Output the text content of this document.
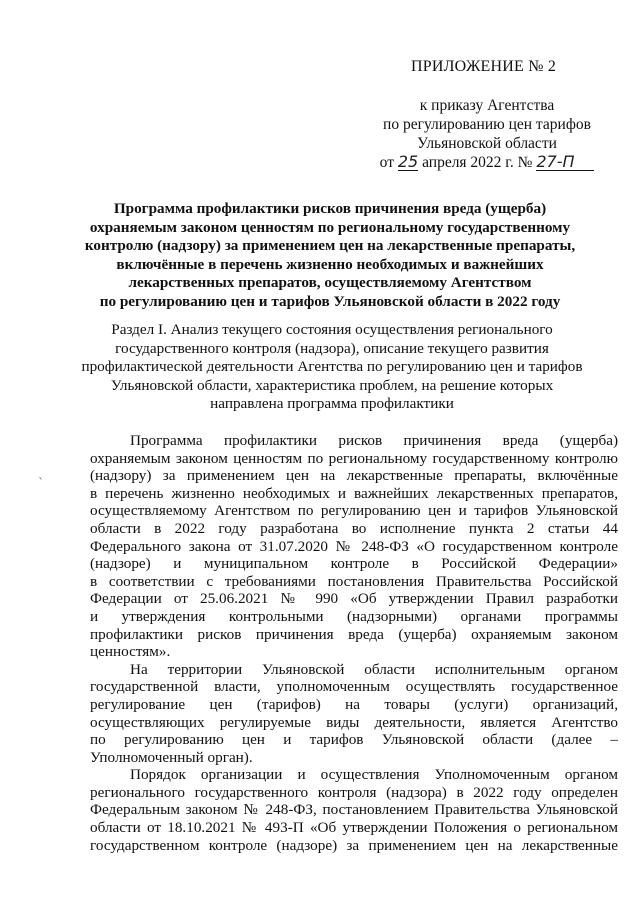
ПРИЛОЖЕНИЕ № 2
к приказу Агентства
по регулированию цен тарифов
Ульяновской области
от 25 апреля 2022 г. № 27-П
Программа профилактики рисков причинения вреда (ущерба)
охраняемым законом ценностям по региональному государственному
контролю (надзору) за применением цен на лекарственные препараты,
включённые в перечень жизненно необходимых и важнейших
лекарственных препаратов, осуществляемому Агентством
по регулированию цен и тарифов Ульяновской области в 2022 году
Раздел I. Анализ текущего состояния осуществления регионального
государственного контроля (надзора), описание текущего развития
профилактической деятельности Агентства по регулированию цен и тарифов
Ульяновской области, характеристика проблем, на решение которых
направлена программа профилактики
`
Программа профилактики рисков причинения вреда (ущерба)
охраняемым законом ценностям по региональному государственному контролю
(надзору) за применением цен на лекарственные препараты, включённые
в перечень жизненно необходимых и важнейших лекарственных препаратов,
осуществляемому Агентством по регулированию цен и тарифов Ульяновской
области в 2022 году разработана во исполнение пункта 2 статьи 44
Федерального закона от 31.07.2020 № 248-ФЗ «О государственном контроле
(надзоре) и муниципальном контроле в Российской Федерации»
в соответствии с требованиями постановления Правительства Российской
Федерации от 25.06.2021 № 990 «Об утверждении Правил разработки
и утверждения контрольными (надзорными) органами программы
профилактики рисков причинения вреда (ущерба) охраняемым законом
ценностям».
На территории Ульяновской области исполнительным органом
государственной власти, уполномоченным осуществлять государственное
регулирование цен (тарифов) на товары (услуги) организаций,
осуществляющих регулируемые виды деятельности, является Агентство
по регулированию цен и тарифов Ульяновской области (далее –
Уполномоченный орган).
Порядок организации и осуществления Уполномоченным органом
регионального государственного контроля (надзора) в 2022 году определен
Федеральным законом № 248-ФЗ, постановлением Правительства Ульяновской
области от 18.10.2021 № 493-П «Об утверждении Положения о региональном
государственном контроле (надзоре) за применением цен на лекарственные
